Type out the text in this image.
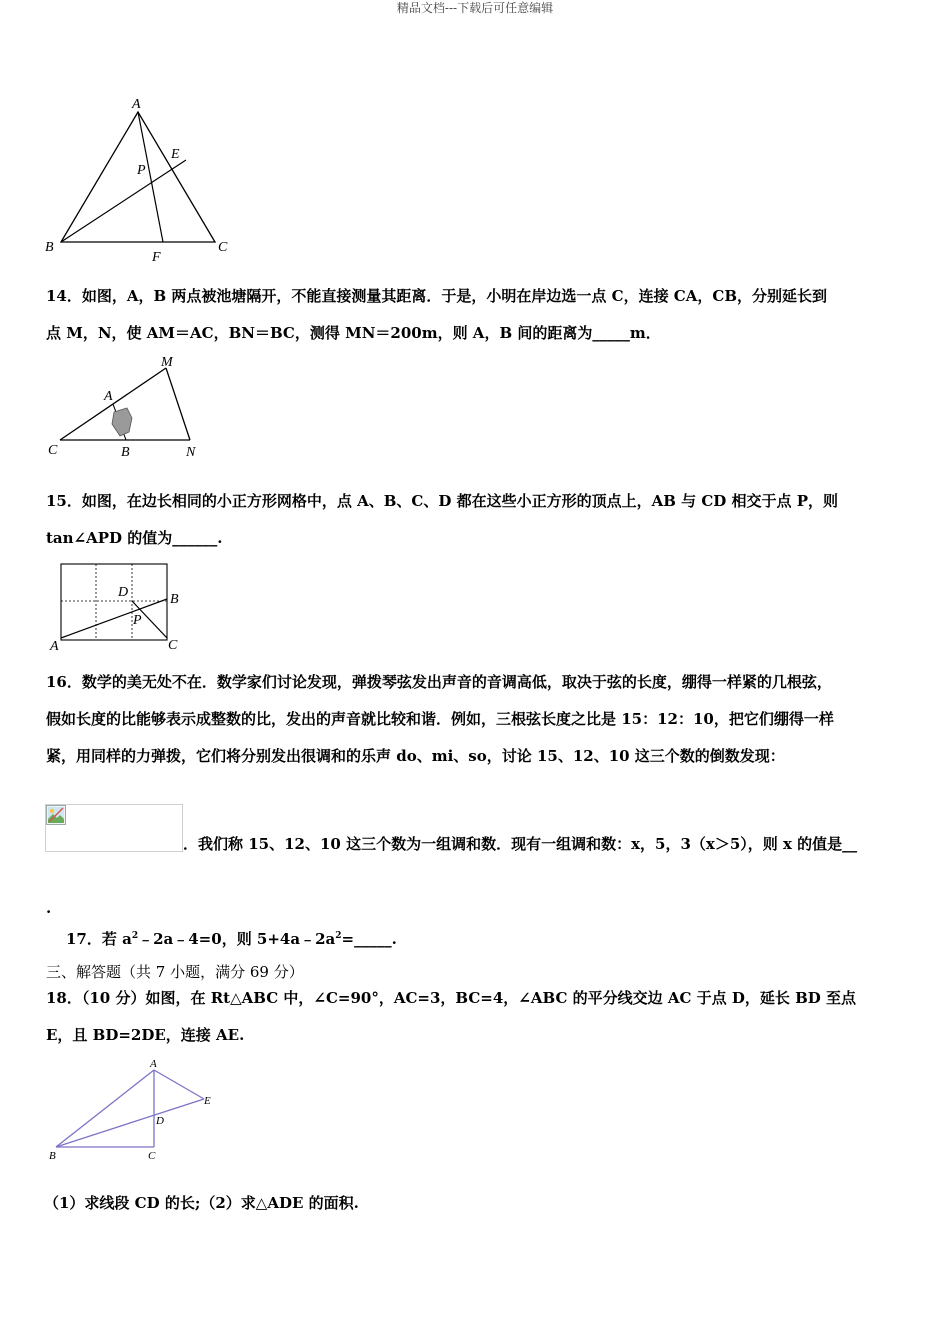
精品文档---下载后可任意编辑
A
E
P
B	C
F
14．如图，A，B 两点被池塘隔开，不能直接测量其距离．于是，小明在岸边选一点 C，连接 CA，CB，分别延长到
点 M，N，使 AM＝AC，BN＝BC，测得 MN＝200m，则 A，B 间的距离为_____m．
M
A
C	B	N
15．如图，在边长相同的小正方形网格中，点 A、B、C、D 都在这些小正方形的顶点上，AB 与 CD 相交于点 P，则
tan∠APD 的值为______.
D	B
P
A	C
16．数学的美无处不在．数学家们讨论发现，弹拨琴弦发出声音的音调高低，取决于弦的长度，绷得一样紧的几根弦，
假如长度的比能够表示成整数的比，发出的声音就比较和谐．例如，三根弦长度之比是 15：12：10，把它们绷得一样
紧，用同样的力弹拨，它们将分别发出很调和的乐声 do、mi、so，讨论 15、12、10 这三个数的倒数发现：
．我们称 15、12、10 这三个数为一组调和数．现有一组调和数：x，5，3（x＞5），则 x 的值是__
.
17．若 $a^2﹣2a﹣4=0$，则 $5+4a﹣2a^2=\_\_\_\_\_$.
三、解答题（共 7 小题，满分 69 分）
18．（10 分）如图，在 Rt△ABC 中，∠C=90°，AC=3，BC=4，∠ABC 的平分线交边 AC 于点 D，延长 BD 至点
E，且 BD=2DE，连接 AE.
A
E
D
B	C
（1）求线段 CD 的长;（2）求△ADE 的面积.
